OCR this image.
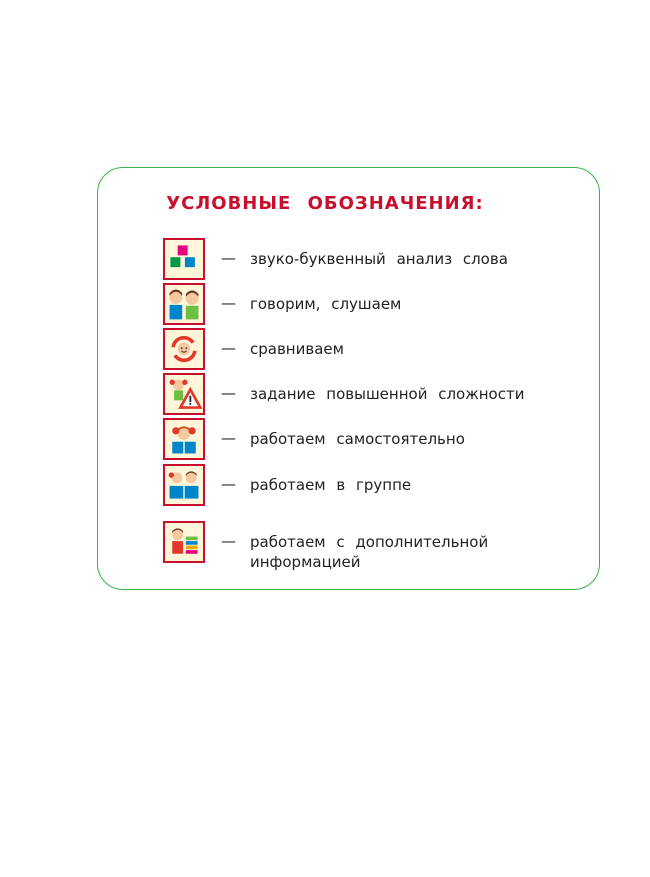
УСЛОВНЫЕ ОБОЗНАЧЕНИЯ:
— звуко-буквенный анализ слова
— говорим, слушаем
— сравниваем
— задание повышенной сложности
— работаем самостоятельно
— работаем в группе
— работаем с дополнительной информацией
